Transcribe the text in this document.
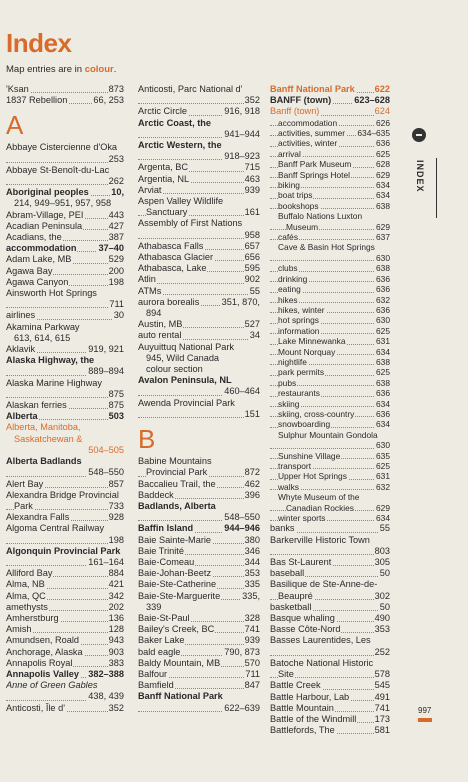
Index
Map entries are in colour.
873
'Ksan
66, 253
1837 Rebellion
A
Abbaye Cistercienne d'Oka
253
Abbaye St-Benoît-du-Lac
262
10,
Aboriginal peoples
214, 949–951, 957, 958
443
Abram-Village, PEI
427
Acadian Peninsula
387
Acadians, the
37–40
accommodation
529
Adam Lake, MB
200
Agawa Bay
198
Agawa Canyon
Ainsworth Hot Springs
711
30
airlines
Akamina Parkway
613, 614, 615
919, 921
Aklavik
Alaska Highway, the
889–894
Alaska Marine Highway
875
875
Alaskan ferries
503
Alberta
Alberta, Manitoba,
Saskatchewan &
504–505
Alberta Badlands
548–550
857
Alert Bay
Alexandra Bridge Provincial
733
Park
928
Alexandra Falls
Algoma Central Railway
198
Algonquin Provincial Park
161–164
884
Alliford Bay
421
Alma, NB
342
Alma, QC
202
amethysts
136
Amherstburg
128
Amish
943
Amundsen, Roald
903
Anchorage, Alaska
383
Annapolis Royal
382–388
Annapolis Valley
Anne of Green Gables
438, 439
352
Anticosti, Île d'
Anticosti, Parc National d'
352
916, 918
Arctic Circle
Arctic Coast, the
941–944
Arctic Western, the
918–923
715
Argenta, BC
463
Argentia, NL
939
Arviat
Aspen Valley Wildlife
161
Sanctuary
Assembly of First Nations
958
657
Athabasca Falls
656
Athabasca Glacier
595
Athabasca, Lake
902
Atlin
55
ATMs
351, 870,
aurora borealis
894
527
Austin, MB
34
auto rental
Auyuittuq National Park
945, Wild Canada
colour section
Avalon Peninsula, NL
460–464
Awenda Provincial Park
151
B
Babine Mountains
872
Provincial Park
462
Baccalieu Trail, the
396
Baddeck
Badlands, Alberta
548–550
944–946
Baffin Island
380
Baie Sainte-Marie
346
Baie Trinité
344
Baie-Comeau
353
Baie-Johan-Beetz
335
Baie-Ste-Catherine
335,
Baie-Ste-Marguerite
339
328
Baie-St-Paul
741
Bailey's Creek, BC
939
Baker Lake
790, 873
bald eagle
570
Baldy Mountain, MB
711
Balfour
847
Bamfield
Banff National Park
622–639
622
Banff National Park
623–628
BANFF (town)
624
Banff (town)
626
accommodation
634–635
activities, summer
636
activities, winter
625
arrival
628
Banff Park Museum
629
Banff Springs Hotel
634
biking
634
boat trips
638
bookshops
Buffalo Nations Luxton
629
Museum
637
cafés
Cave & Basin Hot Springs
630
638
clubs
636
drinking
636
eating
632
hikes
636
hikes, winter
630
hot springs
625
information
631
Lake Minnewanka
634
Mount Norquay
638
nightlife
625
park permits
638
pubs
636
restaurants
634
skiing
636
skiing, cross-country
634
snowboarding
Sulphur Mountain Gondola
630
635
Sunshine Village
625
transport
631
Upper Hot Springs
632
walks
Whyte Museum of the
629
Canadian Rockies
634
winter sports
55
banks
Barkerville Historic Town
803
305
Bas St-Laurent
50
baseball
Basilique de Ste-Anne-de-
302
Beaupré
50
basketball
490
Basque whaling
353
Basse Côte-Nord
Basses Laurentides, Les
252
Batoche National Historic
578
Site
545
Battle Creek
491
Battle Harbour, Lab
741
Battle Mountain
173
Battle of the Windmill
581
Battlefords, The
INDEX
997
